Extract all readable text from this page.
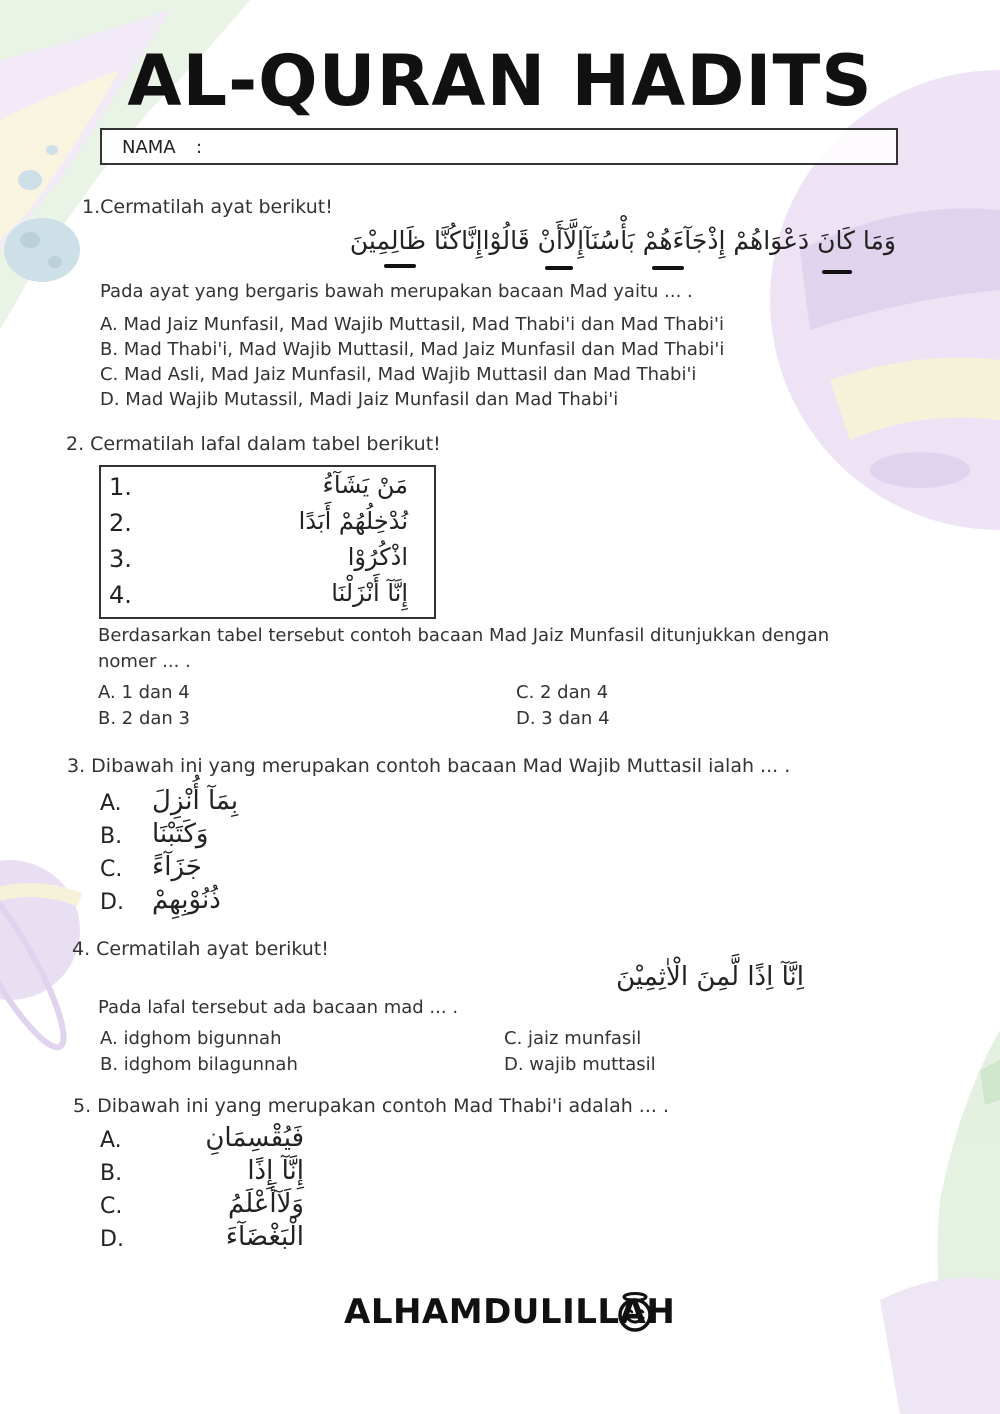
AL-QURAN HADITS
NAMA :
1.Cermatilah ayat berikut!
وَمَا كَانَ دَعْوَاهُمْ إِذْجَآءَهُمْ بَأْسُنَآإِلَّآأَنْ قَالُوْاإِنَّاكُنَّا ظَالِمِيْنَ
Pada ayat yang bergaris bawah merupakan bacaan Mad yaitu ... .
A. Mad Jaiz Munfasil, Mad Wajib Muttasil, Mad Thabi'i dan Mad Thabi'i
B. Mad Thabi'i, Mad Wajib Muttasil, Mad Jaiz Munfasil dan Mad Thabi'i
C. Mad Asli, Mad Jaiz Munfasil, Mad Wajib Muttasil dan Mad Thabi'i
D. Mad Wajib Mutassil, Madi Jaiz Munfasil dan Mad Thabi'i
2. Cermatilah lafal dalam tabel berikut!
1.	مَنْ يَشَآءُ
2.	نُدْخِلُهُمْ أَبَدًا
3.	اذْكُرُوْا
4.	إِنَّآ أَنْزَلْنَا
Berdasarkan tabel tersebut contoh bacaan Mad Jaiz Munfasil ditunjukkan dengan
nomer ... .
A. 1 dan 4
B. 2 dan 3
C. 2 dan 4
D. 3 dan 4
3. Dibawah ini yang merupakan contoh bacaan Mad Wajib Muttasil ialah ... .
A. بِمَآ أُنْزِلَ
B. وَكَتَبْنَا
C. جَزَآءً
D. ذُنُوْبِهِمْ
4. Cermatilah ayat berikut!
اِنَّآ اِذًا لَّمِنَ الْاٰثِمِيْنَ
Pada lafal tersebut ada bacaan mad ... .
A. idghom bigunnah
B. idghom bilagunnah
C. jaiz munfasil
D. wajib muttasil
5. Dibawah ini yang merupakan contoh Mad Thabi'i adalah ... .
A.	فَيُقْسِمَانِ
B.	إِنَّآ إِذًا
C.	وَلَآأَعْلَمُ
D.	الْبَغْضَآءَ
ALHAMDULILLAH
